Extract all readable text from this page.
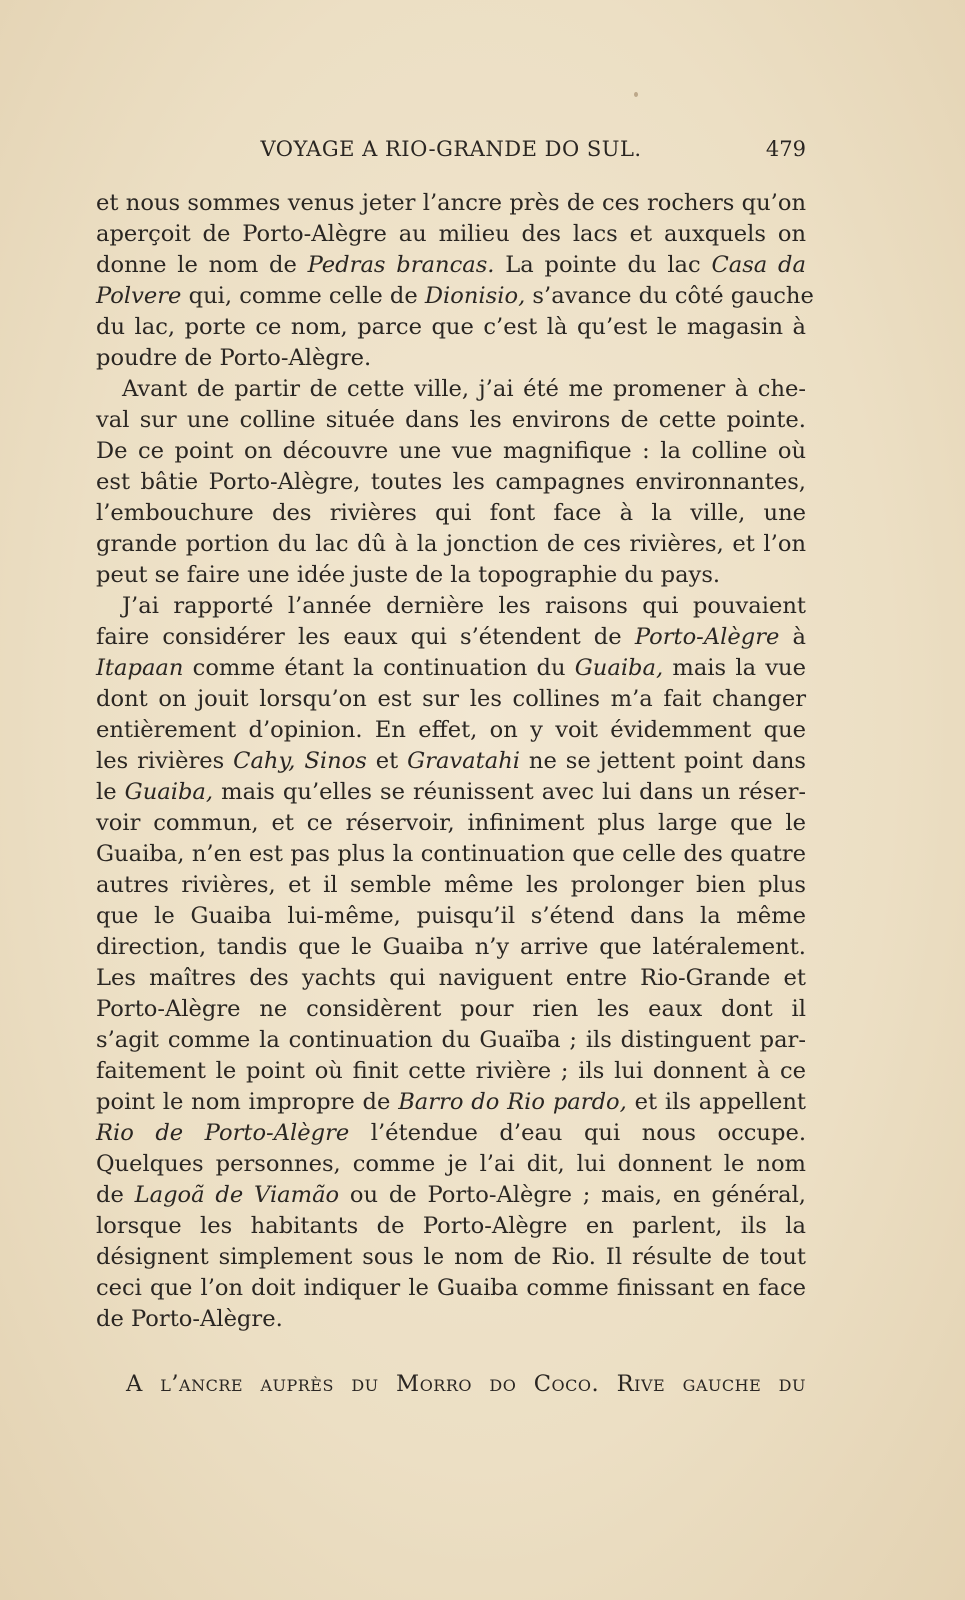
VOYAGE A RIO-GRANDE DO SUL.	479
et nous sommes venus jeter l’ancre près de ces rochers qu’on
aperçoit de Porto-Alègre au milieu des lacs et auxquels on
donne le nom de Pedras brancas. La pointe du lac Casa da
Polvere qui, comme celle de Dionisio, s’avance du côté gauche
du lac, porte ce nom, parce que c’est là qu’est le magasin à
poudre de Porto-Alègre.
Avant de partir de cette ville, j’ai été me promener à che-
val sur une colline située dans les environs de cette pointe.
De ce point on découvre une vue magnifique : la colline où
est bâtie Porto-Alègre, toutes les campagnes environnantes,
l’embouchure des rivières qui font face à la ville, une
grande portion du lac dû à la jonction de ces rivières, et l’on
peut se faire une idée juste de la topographie du pays.
J’ai rapporté l’année dernière les raisons qui pouvaient
faire considérer les eaux qui s’étendent de Porto-Alègre à
Itapaan comme étant la continuation du Guaiba, mais la vue
dont on jouit lorsqu’on est sur les collines m’a fait changer
entièrement d’opinion. En effet, on y voit évidemment que
les rivières Cahy, Sinos et Gravatahi ne se jettent point dans
le Guaiba, mais qu’elles se réunissent avec lui dans un réser-
voir commun, et ce réservoir, infiniment plus large que le
Guaiba, n’en est pas plus la continuation que celle des quatre
autres rivières, et il semble même les prolonger bien plus
que le Guaiba lui-même, puisqu’il s’étend dans la même
direction, tandis que le Guaiba n’y arrive que latéralement.
Les maîtres des yachts qui naviguent entre Rio-Grande et
Porto-Alègre ne considèrent pour rien les eaux dont il
s’agit comme la continuation du Guaïba ; ils distinguent par-
faitement le point où finit cette rivière ; ils lui donnent à ce
point le nom impropre de Barro do Rio pardo, et ils appellent
Rio de Porto-Alègre l’étendue d’eau qui nous occupe.
Quelques personnes, comme je l’ai dit, lui donnent le nom
de Lagoã de Viamão ou de Porto-Alègre ; mais, en général,
lorsque les habitants de Porto-Alègre en parlent, ils la
désignent simplement sous le nom de Rio. Il résulte de tout
ceci que l’on doit indiquer le Guaiba comme finissant en face
de Porto-Alègre.
A l’ancre auprès du Morro do Coco. Rive gauche du
